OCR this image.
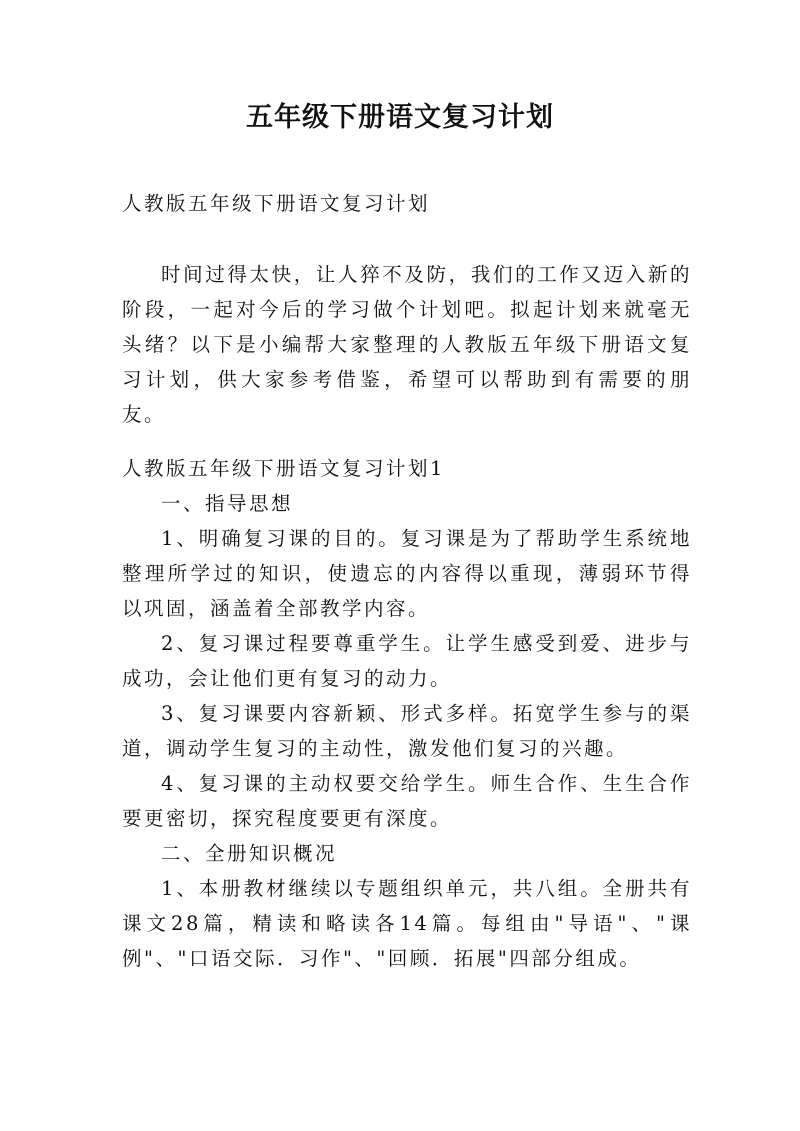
五年级下册语文复习计划
人教版五年级下册语文复习计划
时间过得太快，让人猝不及防，我们的工作又迈入新的阶段，一起对今后的学习做个计划吧。拟起计划来就毫无头绪？以下是小编帮大家整理的人教版五年级下册语文复习计划，供大家参考借鉴，希望可以帮助到有需要的朋友。

人教版五年级下册语文复习计划1

一、指导思想

1、明确复习课的目的。复习课是为了帮助学生系统地整理所学过的知识，使遗忘的内容得以重现，薄弱环节得以巩固，涵盖着全部教学内容。

2、复习课过程要尊重学生。让学生感受到爱、进步与成功，会让他们更有复习的动力。

3、复习课要内容新颖、形式多样。拓宽学生参与的渠道，调动学生复习的主动性，激发他们复习的兴趣。

4、复习课的主动权要交给学生。师生合作、生生合作要更密切，探究程度要更有深度。

二、全册知识概况

1、本册教材继续以专题组织单元，共八组。全册共有课文28篇，精读和略读各14篇。每组由"导语"、"课例"、"口语交际．习作"、"回顾．拓展"四部分组成。
